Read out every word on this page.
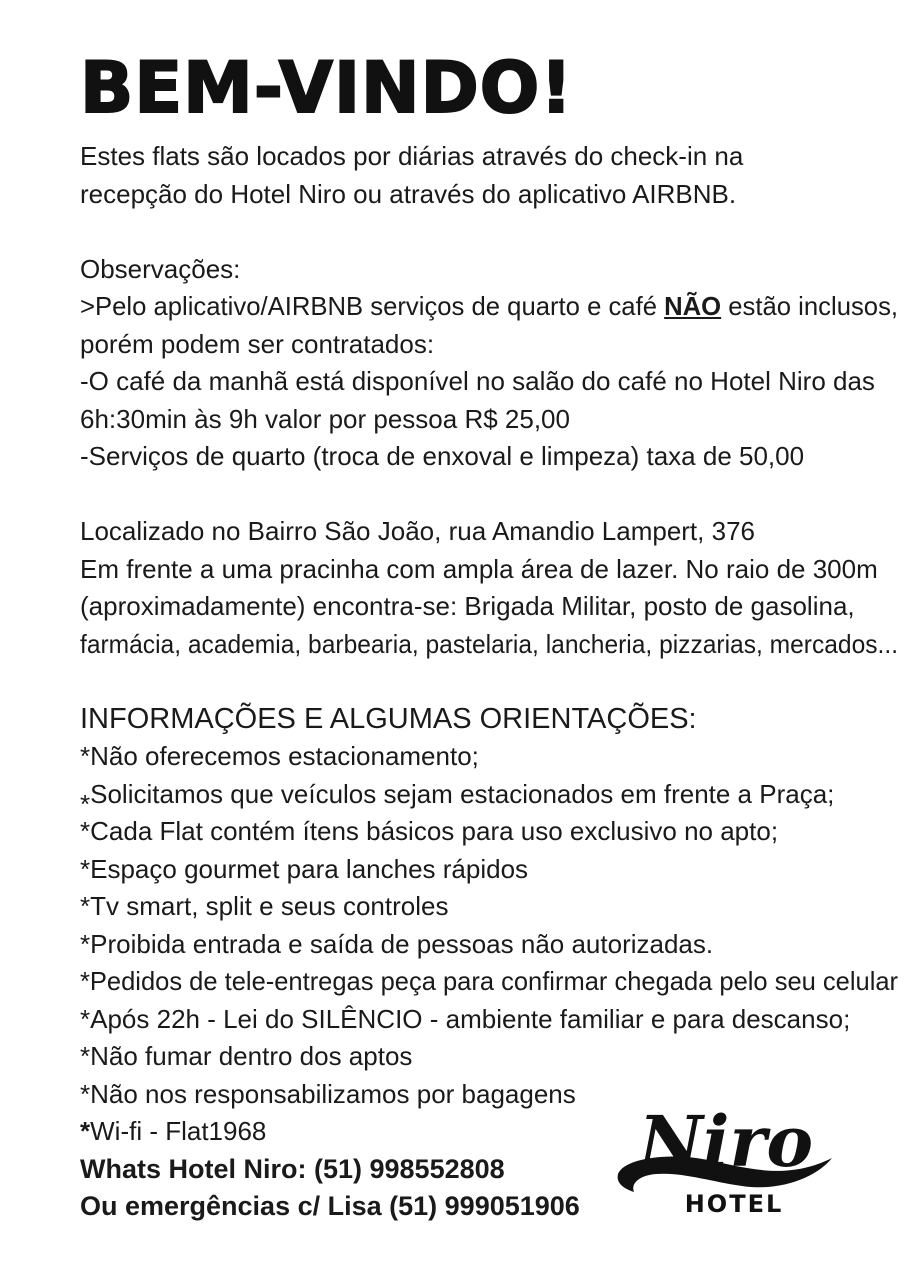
BEM-VINDO!
Estes flats são locados por diárias através do check-in na
recepção do Hotel Niro ou através do aplicativo AIRBNB.
Observações:
>Pelo aplicativo/AIRBNB serviços de quarto e café NÃO estão inclusos,
porém podem ser contratados:
-O café da manhã está disponível no salão do café no Hotel Niro das
6h:30min às 9h valor por pessoa R$ 25,00
-Serviços de quarto (troca de enxoval e limpeza) taxa de 50,00
Localizado no Bairro São João, rua Amandio Lampert, 376
Em frente a uma pracinha com ampla área de lazer. No raio de 300m
(aproximadamente) encontra-se: Brigada Militar, posto de gasolina,
farmácia, academia, barbearia, pastelaria, lancheria, pizzarias, mercados...
INFORMAÇÕES E ALGUMAS ORIENTAÇÕES:
*Não oferecemos estacionamento;
*Solicitamos que veículos sejam estacionados em frente a Praça;
*Cada Flat contém ítens básicos para uso exclusivo no apto;
*Espaço gourmet para lanches rápidos
*Tv smart, split e seus controles
*Proibida entrada e saída de pessoas não autorizadas.
*Pedidos de tele-entregas peça para confirmar chegada pelo seu celular
*Após 22h - Lei do SILÊNCIO - ambiente familiar e para descanso;
*Não fumar dentro dos aptos
*Não nos responsabilizamos por bagagens
*Wi-fi - Flat1968
Whats Hotel Niro: (51) 998552808
Ou emergências c/ Lisa (51) 999051906
Niro
HOTEL
